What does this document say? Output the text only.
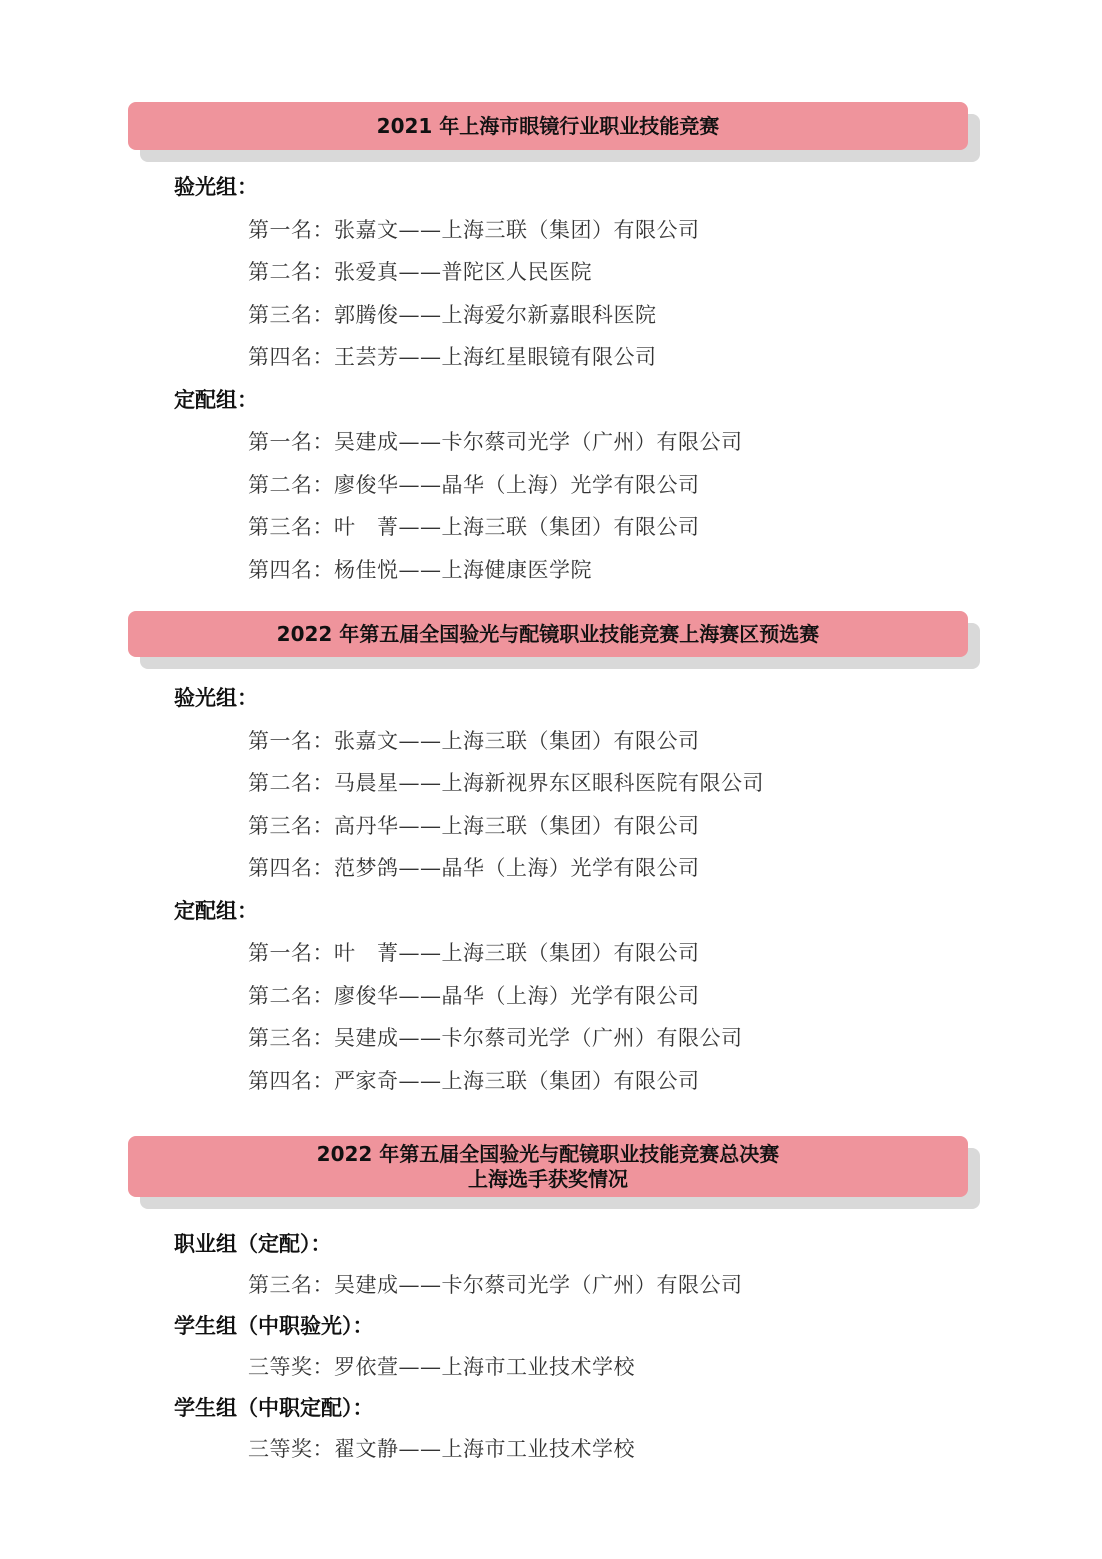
2021 年上海市眼镜行业职业技能竞赛
验光组：
第一名：张嘉文——上海三联（集团）有限公司
第二名：张爱真——普陀区人民医院
第三名：郭腾俊——上海爱尔新嘉眼科医院
第四名：王芸芳——上海红星眼镜有限公司
定配组：
第一名：吴建成——卡尔蔡司光学（广州）有限公司
第二名：廖俊华——晶华（上海）光学有限公司
第三名：叶　菁——上海三联（集团）有限公司
第四名：杨佳悦——上海健康医学院
2022 年第五届全国验光与配镜职业技能竞赛上海赛区预选赛
验光组：
第一名：张嘉文——上海三联（集团）有限公司
第二名：马晨星——上海新视界东区眼科医院有限公司
第三名：高丹华——上海三联（集团）有限公司
第四名：范梦鸽——晶华（上海）光学有限公司
定配组：
第一名：叶　菁——上海三联（集团）有限公司
第二名：廖俊华——晶华（上海）光学有限公司
第三名：吴建成——卡尔蔡司光学（广州）有限公司
第四名：严家奇——上海三联（集团）有限公司
2022 年第五届全国验光与配镜职业技能竞赛总决赛
上海选手获奖情况
职业组（定配）：
第三名：吴建成——卡尔蔡司光学（广州）有限公司
学生组（中职验光）：
三等奖：罗依萱——上海市工业技术学校
学生组（中职定配）：
三等奖：翟文静——上海市工业技术学校
